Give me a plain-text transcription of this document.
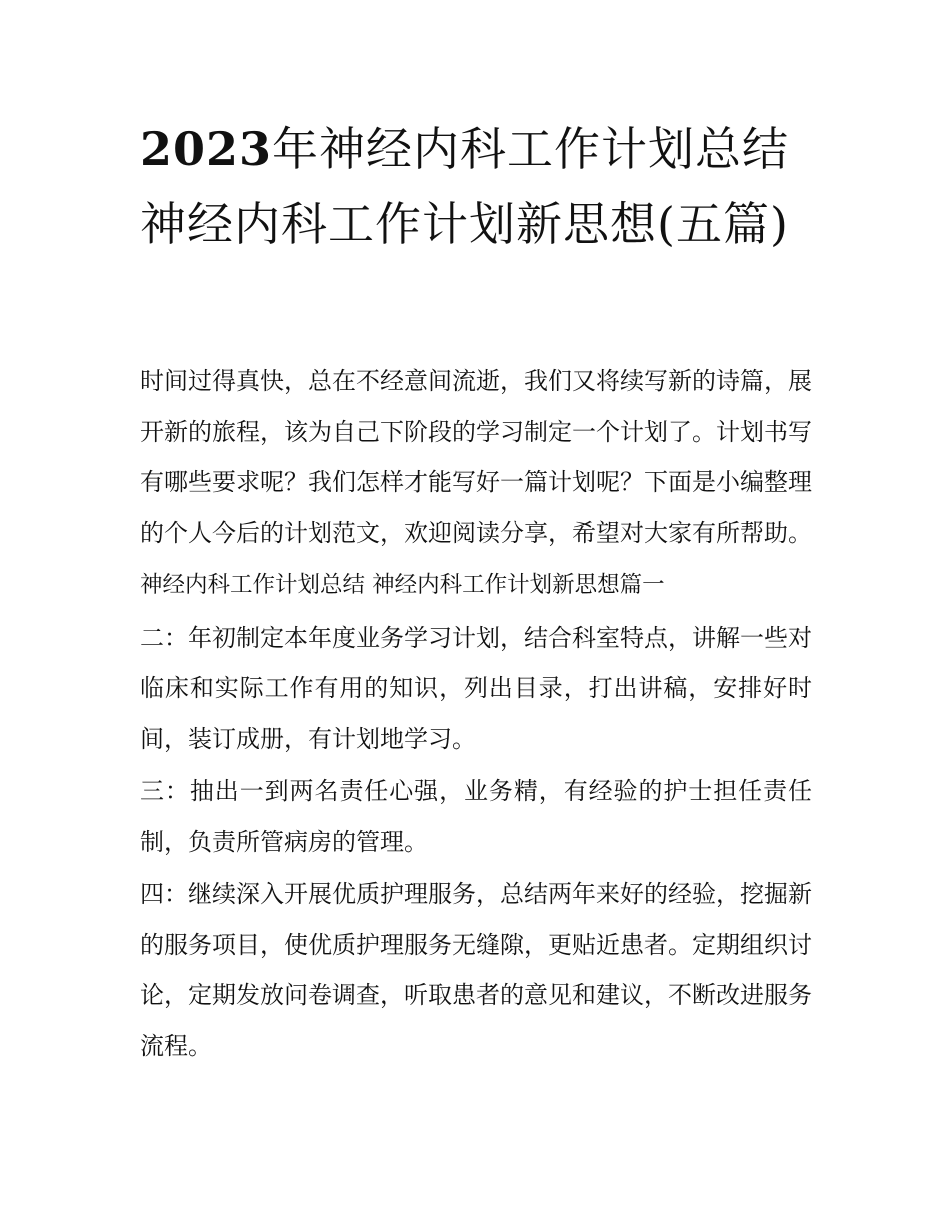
2023年神经内科工作计划总结 神经内科工作计划新思想(五篇)

时间过得真快，总在不经意间流逝，我们又将续写新的诗篇，展开新的旅程，该为自己下阶段的学习制定一个计划了。计划书写有哪些要求呢？我们怎样才能写好一篇计划呢？下面是小编整理的个人今后的计划范文，欢迎阅读分享，希望对大家有所帮助。

神经内科工作计划总结 神经内科工作计划新思想篇一

二：年初制定本年度业务学习计划，结合科室特点，讲解一些对临床和实际工作有用的知识，列出目录，打出讲稿，安排好时间，装订成册，有计划地学习。

三：抽出一到两名责任心强，业务精，有经验的护士担任责任制，负责所管病房的管理。

四：继续深入开展优质护理服务，总结两年来好的经验，挖掘新的服务项目，使优质护理服务无缝隙，更贴近患者。定期组织讨论，定期发放问卷调查，听取患者的意见和建议，不断改进服务流程。
